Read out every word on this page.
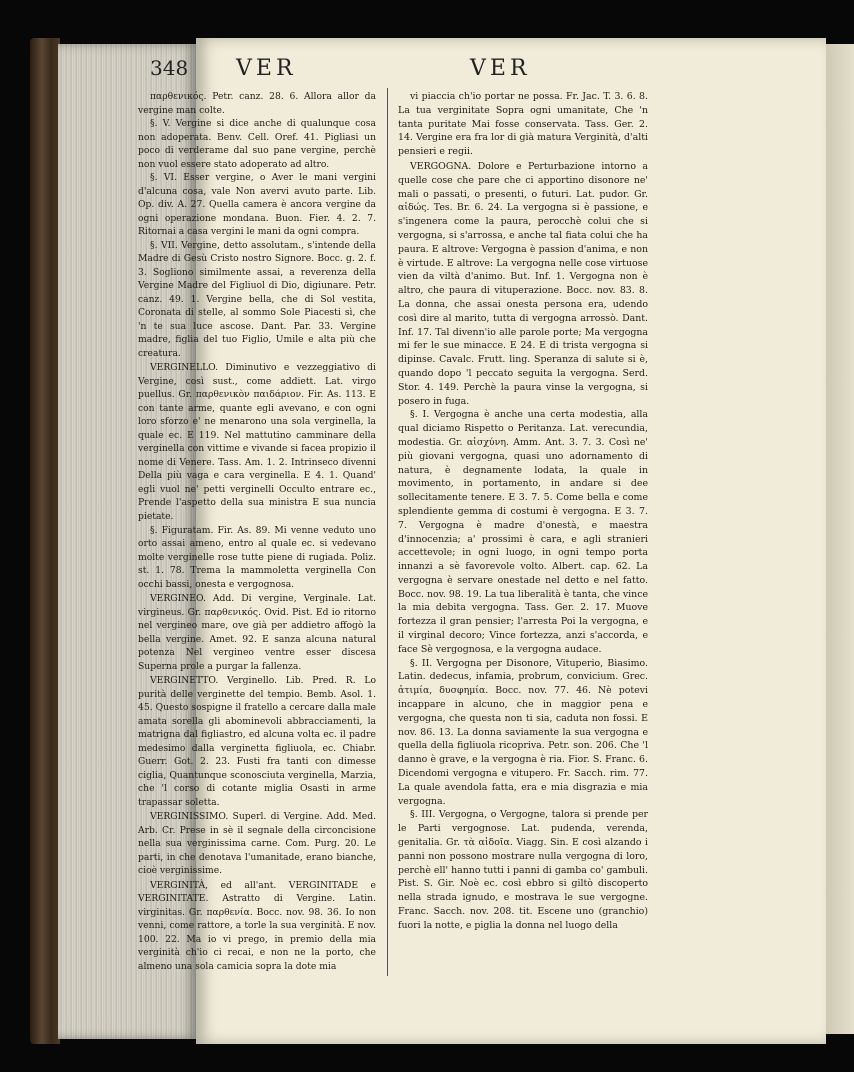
348 VER	VER

παρθενικός. Petr. canz. 28. 6. Allora allor da vergine man colte.

§. V. Vergine si dice anche di qualunque cosa non adoperata. Benv. Cell. Oref. 41. Pigliasi un poco di verderame dal suo pane vergine, perchè non vuol essere stato adoperato ad altro.

§. VI. Esser vergine, o Aver le mani vergini d'alcuna cosa, vale Non avervi avuto parte. Lib. Op. div. A. 27. Quella camera è ancora vergine da ogni operazione mondana. Buon. Fier. 4. 2. 7. Ritornai a casa vergini le mani da ogni compra.

§. VII. Vergine, detto assolutam., s'intende della Madre di Gesù Cristo nostro Signore. Bocc. g. 2. f. 3. Sogliono similmente assai, a reverenza della Vergine Madre del Figliuol di Dio, digiunare. Petr. canz. 49. 1. Vergine bella, che di Sol vestita, Coronata di stelle, al sommo Sole Piacesti sì, che 'n te sua luce ascose. Dant. Par. 33. Vergine madre, figlia del tuo Figlio, Umile e alta più che creatura.

VERGINELLO. Diminutivo e vezzeggiativo di Vergine, così sust., come addiett. Lat. virgo puellus. Gr. παρθενικὸν παιδάριον. Fir. As. 113. E con tante arme, quante egli avevano, e con ogni loro sforzo e' ne menarono una sola verginella, la quale ec. E 119. Nel mattutino camminare della verginella con vittime e vivande si facea propizio il nome di Venere. Tass. Am. 1. 2. Intrinseco divenni Della più vaga e cara verginella. E 4. 1. Quand' egli vuol ne' petti verginelli Occulto entrare ec., Prende l'aspetto della sua ministra E sua nuncia pietate.

§. Figuratam. Fir. As. 89. Mi venne veduto uno orto assai ameno, entro al quale ec. si vedevano molte verginelle rose tutte piene di rugiada. Poliz. st. 1. 78. Trema la mammoletta verginella Con occhi bassi, onesta e vergognosa.

VERGINEO. Add. Di vergine, Verginale. Lat. virgineus. Gr. παρθενικός. Ovid. Pist. Ed io ritorno nel vergineo mare, ove già per addietro affogò la bella vergine. Amet. 92. E sanza alcuna natural potenza Nel vergineo ventre esser discesa Superna prole a purgar la fallenza.

VERGINETTO. Verginello. Lib. Pred. R. Lo purità delle verginette del tempio. Bemb. Asol. 1. 45. Questo sospigne il fratello a cercare dalla male amata sorella gli abominevoli abbracciamenti, la matrigna dal figliastro, ed alcuna volta ec. il padre medesimo dalla verginetta figliuola, ec. Chiabr. Guerr. Got. 2. 23. Fusti fra tanti con dimesse ciglia, Quantunque sconosciuta verginella, Marzia, che 'l corso di cotante miglia Osasti in arme trapassar soletta.

VERGINISSIMO. Superl. di Vergine. Add. Med. Arb. Cr. Prese in sè il segnale della circoncisione nella sua verginissima carne. Com. Purg. 20. Le parti, in che denotava l'umanitade, erano bianche, cioè verginissime.

VERGINITÀ, ed all'ant. VERGINITADE e VERGINITATE. Astratto di Vergine. Latin. virginitas. Gr. παρθενία. Bocc. nov. 98. 36. Io non venni, come rattore, a torle la sua verginità. E nov. 100. 22. Ma io vi prego, in premio della mia verginità ch'io ci recai, e non ne la porto, che almeno una sola camicia sopra la dote mia

vi piaccia ch'io portar ne possa. Fr. Jac. T. 3. 6. 8. La tua verginitate Sopra ogni umanitate, Che 'n tanta puritate Mai fosse conservata. Tass. Ger. 2. 14. Vergine era fra lor di già matura Verginità, d'alti pensieri e regii.

VERGOGNA. Dolore e Perturbazione intorno a quelle cose che pare che ci apportino disonore ne' mali o passati, o presenti, o futuri. Lat. pudor. Gr. αἰδώς. Tes. Br. 6. 24. La vergogna si è passione, e s'ingenera come la paura, perocchè colui che si vergogna, si s'arrossa, e anche tal fiata colui che ha paura. E altrove: Vergogna è passion d'anima, e non è virtude. E altrove: La vergogna nelle cose virtuose vien da viltà d'animo. But. Inf. 1. Vergogna non è altro, che paura di vituperazione. Bocc. nov. 83. 8. La donna, che assai onesta persona era, udendo così dire al marito, tutta di vergogna arrossò. Dant. Inf. 17. Tal divenn'io alle parole porte; Ma vergogna mi fer le sue minacce. E 24. E di trista vergogna si dipinse. Cavalc. Frutt. ling. Speranza di salute si è, quando dopo 'l peccato seguita la vergogna. Serd. Stor. 4. 149. Perchè la paura vinse la vergogna, si posero in fuga.

§. I. Vergogna è anche una certa modestia, alla qual diciamo Rispetto o Peritanza. Lat. verecundia, modestia. Gr. αἰσχύνη. Amm. Ant. 3. 7. 3. Così ne' più giovani vergogna, quasi uno adornamento di natura, è degnamente lodata, la quale in movimento, in portamento, in andare si dee sollecitamente tenere. E 3. 7. 5. Come bella e come splendiente gemma di costumi è vergogna. E 3. 7. 7. Vergogna è madre d'onestà, e maestra d'innocenzia; a' prossimi è cara, e agli stranieri accettevole; in ogni luogo, in ogni tempo porta innanzi a sè favorevole volto. Albert. cap. 62. La vergogna è servare onestade nel detto e nel fatto. Bocc. nov. 98. 19. La tua liberalità è tanta, che vince la mia debita vergogna. Tass. Ger. 2. 17. Muove fortezza il gran pensier; l'arresta Poi la vergogna, e il virginal decoro; Vince fortezza, anzi s'accorda, e face Sè vergognosa, e la vergogna audace.

§. II. Vergogna per Disonore, Vituperio, Biasimo. Latin. dedecus, infamia, probrum, convicium. Grec. ἀτιμία, δυσφημία. Bocc. nov. 77. 46. Nè potevi incappare in alcuno, che in maggior pena e vergogna, che questa non ti sia, caduta non fossi. E nov. 86. 13. La donna saviamente la sua vergogna e quella della figliuola ricopriva. Petr. son. 206. Che 'l danno è grave, e la vergogna è ria. Fior. S. Franc. 6. Dicendomi vergogna e vitupero. Fr. Sacch. rim. 77. La quale avendola fatta, era e mia disgrazia e mia vergogna.

§. III. Vergogna, o Vergogne, talora si prende per le Parti vergognose. Lat. pudenda, verenda, genitalia. Gr. τὰ αἰδοῖα. Viagg. Sin. E così alzando i panni non possono mostrare nulla vergogna di loro, perchè ell' hanno tutti i panni di gamba co' gambuli. Pist. S. Gir. Noè ec. così ebbro si giltò discoperto nella strada ignudo, e mostrava le sue vergogne. Franc. Sacch. nov. 208. tit. Escene uno (granchio) fuori la notte, e piglia la donna nel luogo della
